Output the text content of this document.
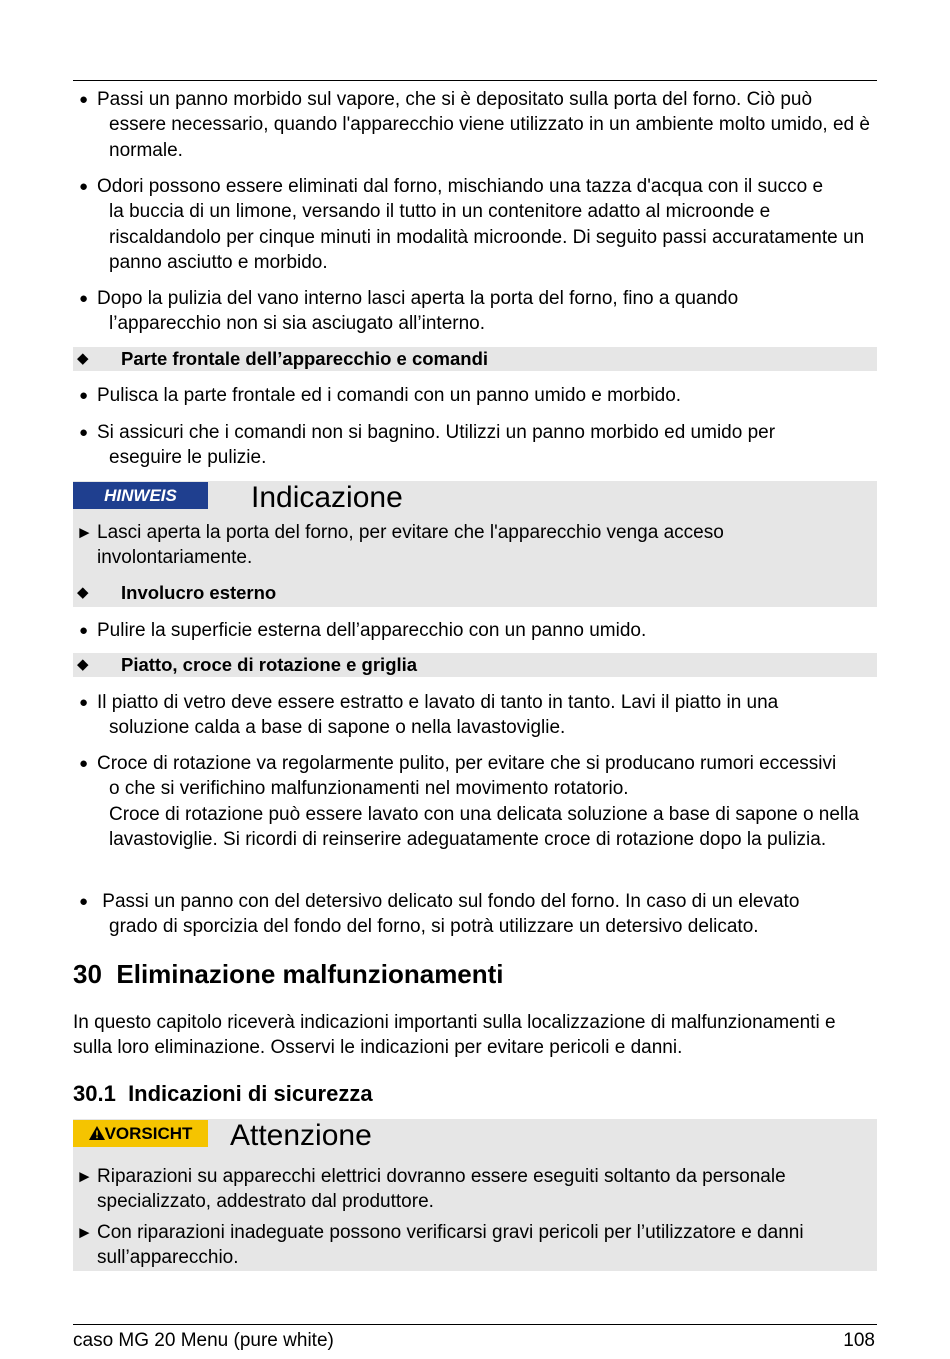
● Passi un panno morbido sul vapore, che si è depositato sulla porta del forno. Ciò può
essere necessario, quando l'apparecchio viene utilizzato in un ambiente molto umido, ed è normale.
● Odori possono essere eliminati dal forno, mischiando una tazza d'acqua con il succo e
la buccia di un limone, versando il tutto in un contenitore adatto al microonde e riscaldandolo per cinque minuti in modalità microonde. Di seguito passi accuratamente un panno asciutto e morbido.
● Dopo la pulizia del vano interno lasci aperta la porta del forno, fino a quando
l’apparecchio non si sia asciugato all’interno.
◆ Parte frontale dell’apparecchio e comandi
● Pulisca la parte frontale ed i comandi con un panno umido e morbido.
● Si assicuri che i comandi non si bagnino. Utilizzi un panno morbido ed umido per
eseguire le pulizie.
HINWEIS	Indicazione
► Lasci aperta la porta del forno, per evitare che l'apparecchio venga acceso involontariamente.
◆ Involucro esterno
● Pulire la superficie esterna dell’apparecchio con un panno umido.
◆ Piatto, croce di rotazione e griglia
● Il piatto di vetro deve essere estratto e lavato di tanto in tanto. Lavi il piatto in una
soluzione calda a base di sapone o nella lavastoviglie.
● Croce di rotazione va regolarmente pulito, per evitare che si producano rumori eccessivi
o che si verifichino malfunzionamenti nel movimento rotatorio.
Croce di rotazione può essere lavato con una delicata soluzione a base di sapone o nella lavastoviglie. Si ricordi di reinserire adeguatamente croce di rotazione dopo la pulizia.
● Passi un panno con del detersivo delicato sul fondo del forno. In caso di un elevato
grado di sporcizia del fondo del forno, si potrà utilizzare un detersivo delicato.
30 Eliminazione malfunzionamenti
In questo capitolo riceverà indicazioni importanti sulla localizzazione di malfunzionamenti e sulla loro eliminazione. Osservi le indicazioni per evitare pericoli e danni.
30.1 Indicazioni di sicurezza
VORSICHT	Attenzione
► Riparazioni su apparecchi elettrici dovranno essere eseguiti soltanto da personale specializzato, addestrato dal produttore.
► Con riparazioni inadeguate possono verificarsi gravi pericoli per l’utilizzatore e danni sull’apparecchio.
caso MG 20 Menu (pure white)	108
